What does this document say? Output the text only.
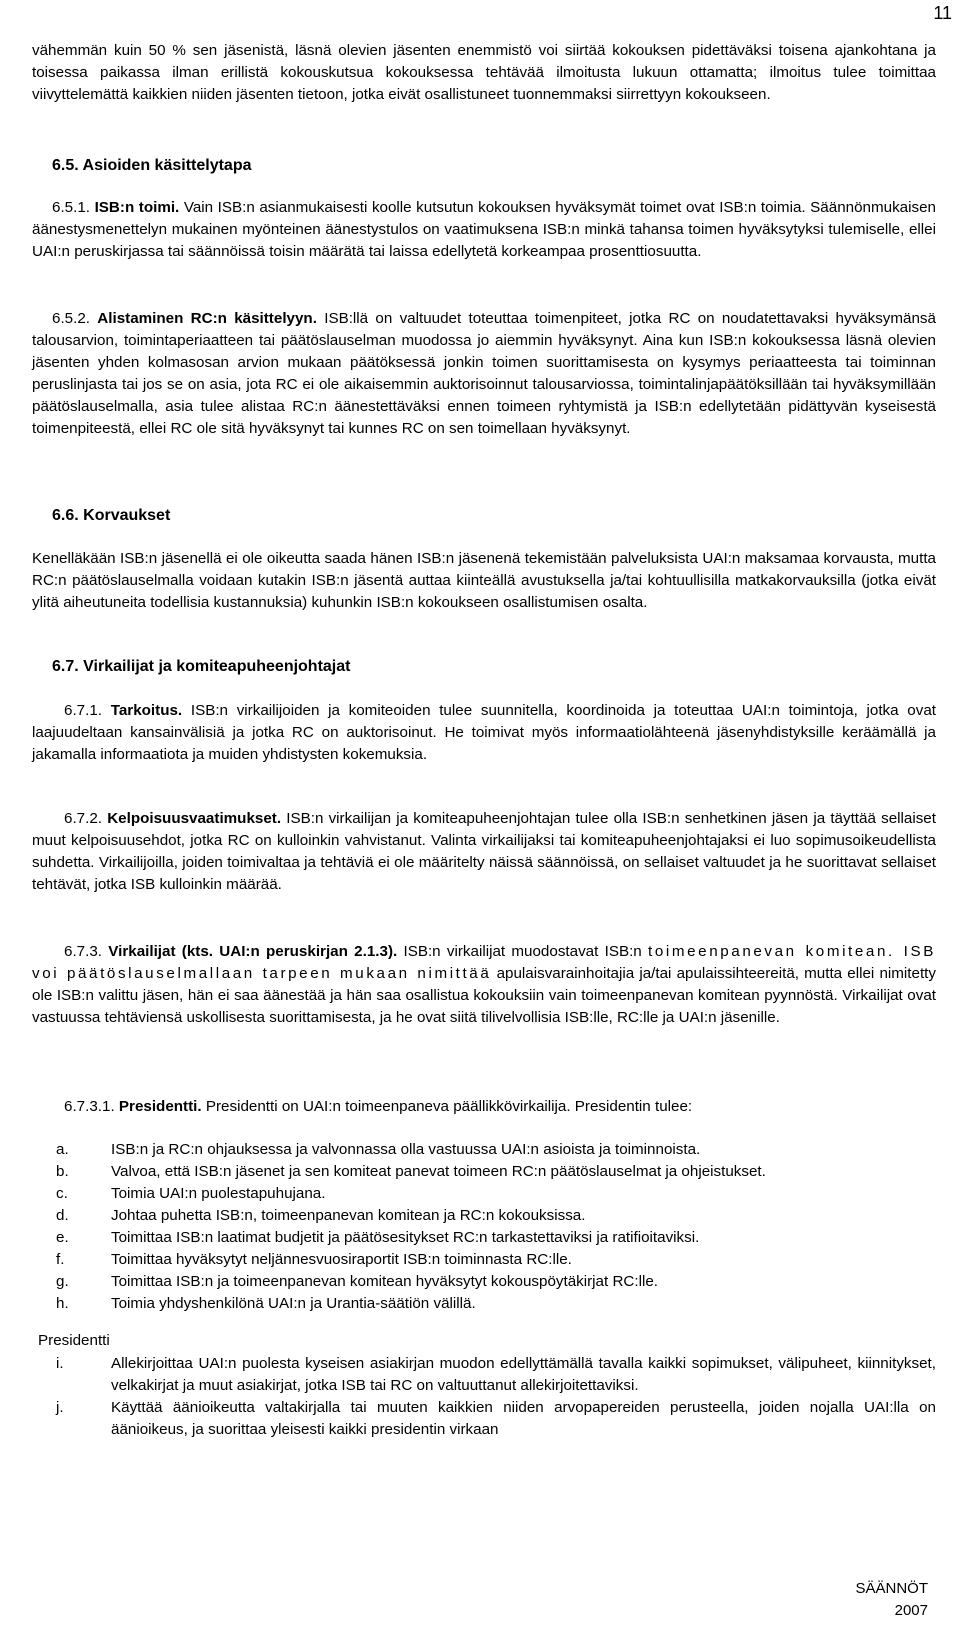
11
vähemmän kuin 50 % sen jäsenistä, läsnä olevien jäsenten enemmistö voi siirtää kokouksen pidettäväksi toisena ajankohtana ja toisessa paikassa ilman erillistä kokouskutsua kokouksessa tehtävää ilmoitusta lukuun ottamatta; ilmoitus tulee toimittaa viivyttelemättä kaikkien niiden jäsenten tietoon, jotka eivät osallistuneet tuonnemmaksi siirrettyyn kokoukseen.
6.5. Asioiden käsittelytapa

6.5.1. ISB:n toimi. Vain ISB:n asianmukaisesti koolle kutsutun kokouksen hyväksymät toimet ovat ISB:n toimia. Säännönmukaisen äänestysmenettelyn mukainen myönteinen äänestystulos on vaatimuksena ISB:n minkä tahansa toimen hyväksytyksi tulemiselle, ellei UAI:n peruskirjassa tai säännöissä toisin määrätä tai laissa edellytetä korkeampaa prosenttiosuutta.

6.5.2. Alistaminen RC:n käsittelyyn. ISB:llä on valtuudet toteuttaa toimenpiteet, jotka RC on noudatettavaksi hyväksymänsä talousarvion, toimintaperiaatteen tai päätöslauselman muodossa jo aiemmin hyväksynyt. Aina kun ISB:n kokouksessa läsnä olevien jäsenten yhden kolmasosan arvion mukaan päätöksessä jonkin toimen suorittamisesta on kysymys periaatteesta tai toiminnan peruslinjasta tai jos se on asia, jota RC ei ole aikaisemmin auktorisoinnut talousarviossa, toimintalinjapäätöksillään tai hyväksymillään päätöslauselmalla, asia tulee alistaa RC:n äänestettäväksi ennen toimeen ryhtymistä ja ISB:n edellytetään pidättyvän kyseisestä toimenpiteestä, ellei RC ole sitä hyväksynyt tai kunnes RC on sen toimellaan hyväksynyt.

6.6. Korvaukset
Kenelläkään ISB:n jäsenellä ei ole oikeutta saada hänen ISB:n jäsenenä tekemistään palveluksista UAI:n maksamaa korvausta, mutta RC:n päätöslauselmalla voidaan kutakin ISB:n jäsentä auttaa kiinteällä avustuksella ja/tai kohtuullisilla matkakorvauksilla (jotka eivät ylitä aiheutuneita todellisia kustannuksia) kuhunkin ISB:n kokoukseen osallistumisen osalta.
6.7. Virkailijat ja komiteapuheenjohtajat

6.7.1. Tarkoitus. ISB:n virkailijoiden ja komiteoiden tulee suunnitella, koordinoida ja toteuttaa UAI:n toimintoja, jotka ovat laajuudeltaan kansainvälisiä ja jotka RC on auktorisoinut. He toimivat myös informaatiolähteenä jäsenyhdistyksille keräämällä ja jakamalla informaatiota ja muiden yhdistysten kokemuksia.

6.7.2. Kelpoisuusvaatimukset. ISB:n virkailijan ja komiteapuheenjohtajan tulee olla ISB:n senhetkinen jäsen ja täyttää sellaiset muut kelpoisuusehdot, jotka RC on kulloinkin vahvistanut. Valinta virkailijaksi tai komiteapuheenjohtajaksi ei luo sopimusoikeudellista suhdetta. Virkailijoilla, joiden toimivaltaa ja tehtäviä ei ole määritelty näissä säännöissä, on sellaiset valtuudet ja he suorittavat sellaiset tehtävät, jotka ISB kulloinkin määrää.

6.7.3. Virkailijat (kts. UAI:n peruskirjan 2.1.3). ISB:n virkailijat muodostavat ISB:n toimeenpanevan komitean. ISB voi päätöslauselmallaan tarpeen mukaan nimittää apulaisvarainhoitajia ja/tai apulaissihteereitä, mutta ellei nimitetty ole ISB:n valittu jäsen, hän ei saa äänestää ja hän saa osallistua kokouksiin vain toimeenpanevan komitean pyynnöstä. Virkailijat ovat vastuussa tehtäviensä uskollisesta suorittamisesta, ja he ovat siitä tilivelvollisia ISB:lle, RC:lle ja UAI:n jäsenille.

6.7.3.1. Presidentti. Presidentti on UAI:n toimeenpaneva päällikkövirkailija. Presidentin tulee:

a.	ISB:n ja RC:n ohjauksessa ja valvonnassa olla vastuussa UAI:n asioista ja toiminnoista.
b.	Valvoa, että ISB:n jäsenet ja sen komiteat panevat toimeen RC:n päätöslauselmat ja ohjeistukset.
c.	Toimia UAI:n puolestapuhujana.
d.	Johtaa puhetta ISB:n, toimeenpanevan komitean ja RC:n kokouksissa.
e.	Toimittaa ISB:n laatimat budjetit ja päätösesitykset RC:n tarkastettaviksi ja ratifioitaviksi.
f.	Toimittaa hyväksytyt neljännesvuosiraportit ISB:n toiminnasta RC:lle.
g.	Toimittaa ISB:n ja toimeenpanevan komitean hyväksytyt kokouspöytäkirjat RC:lle.
h.	Toimia yhdyshenkilönä UAI:n ja Urantia-säätiön välillä.
Presidentti
i.	Allekirjoittaa UAI:n puolesta kyseisen asiakirjan muodon edellyttämällä tavalla kaikki sopimukset, välipuheet, kiinnitykset, velkakirjat ja muut asiakirjat, jotka ISB tai RC on valtuuttanut allekirjoitettaviksi.
j.	Käyttää äänioikeutta valtakirjalla tai muuten kaikkien niiden arvopapereiden perusteella, joiden nojalla UAI:lla on äänioikeus, ja suorittaa yleisesti kaikki presidentin virkaan
SÄÄNNÖT
2007
